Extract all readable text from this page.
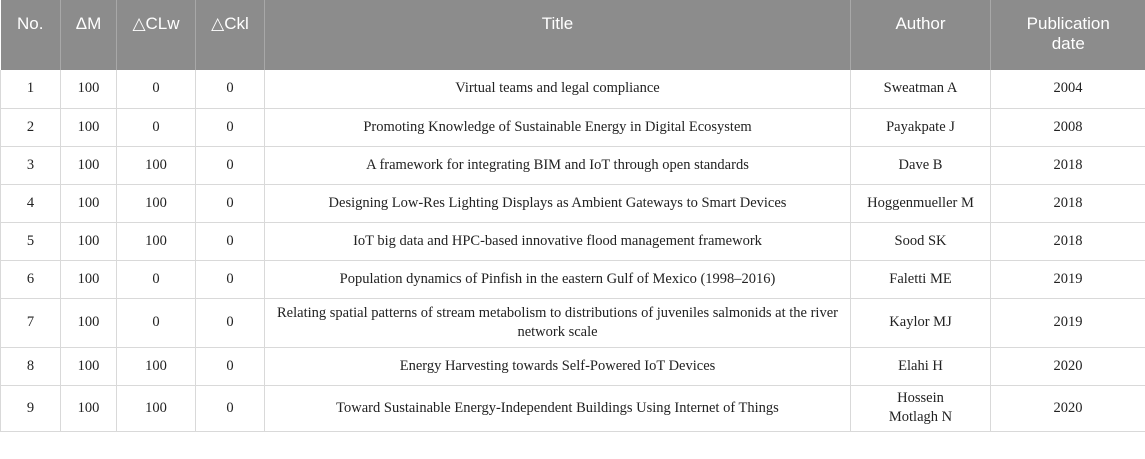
No.	ΔM	△CLw	△Ckl	Title	Author	Publication date
1	100	0	0	Virtual teams and legal compliance	Sweatman A	2004
2	100	0	0	Promoting Knowledge of Sustainable Energy in Digital Ecosystem	Payakpate J	2008
3	100	100	0	A framework for integrating BIM and IoT through open standards	Dave B	2018
4	100	100	0	Designing Low-Res Lighting Displays as Ambient Gateways to Smart Devices	Hoggenmueller M	2018
5	100	100	0	IoT big data and HPC-based innovative flood management framework	Sood SK	2018
6	100	0	0	Population dynamics of Pinfish in the eastern Gulf of Mexico (1998–2016)	Faletti ME	2019
7	100	0	0	Relating spatial patterns of stream metabolism to distributions of juveniles salmonids at the river network scale	Kaylor MJ	2019
8	100	100	0	Energy Harvesting towards Self-Powered IoT Devices	Elahi H	2020
9	100	100	0	Toward Sustainable Energy-Independent Buildings Using Internet of Things	Hossein Motlagh N	2020
